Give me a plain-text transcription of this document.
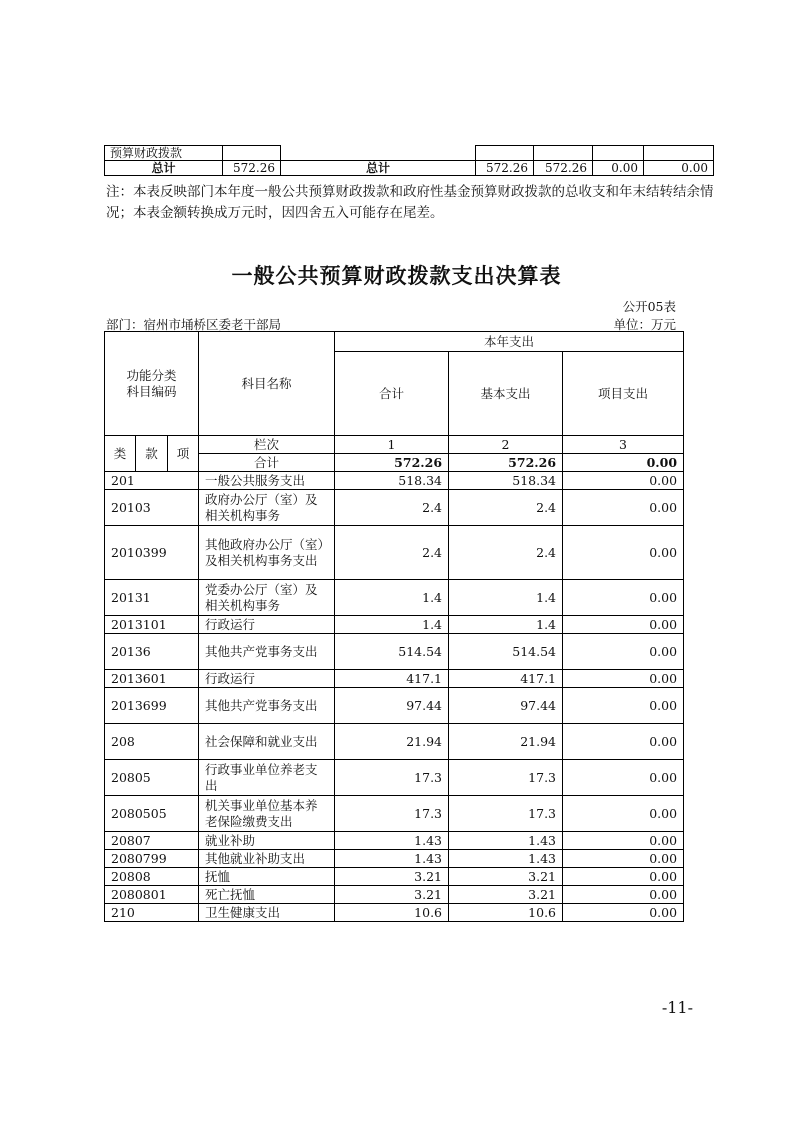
预算财政拨款						
总计	572.26	总计	572.26	572.26	0.00	0.00
注：本表反映部门本年度一般公共预算财政拨款和政府性基金预算财政拨款的总收支和年末结转结余情况；本表金额转换成万元时，因四舍五入可能存在尾差。
一般公共预算财政拨款支出决算表
公开05表
部门：宿州市埇桥区委老干部局	单位：万元
功能分类
科目编码			科目名称	本年支出		
				合计	基本支出	项目支出
类	款	项	栏次	1	2	3
			合计	572.26	572.26	0.00
201			一般公共服务支出	518.34	518.34	0.00
20103			政府办公厅（室）及相关机构事务	2.4	2.4	0.00
2010399			其他政府办公厅（室）及相关机构事务支出	2.4	2.4	0.00
20131			党委办公厅（室）及相关机构事务	1.4	1.4	0.00
2013101			行政运行	1.4	1.4	0.00
20136			其他共产党事务支出	514.54	514.54	0.00
2013601			行政运行	417.1	417.1	0.00
2013699			其他共产党事务支出	97.44	97.44	0.00
208			社会保障和就业支出	21.94	21.94	0.00
20805			行政事业单位养老支出	17.3	17.3	0.00
2080505			机关事业单位基本养老保险缴费支出	17.3	17.3	0.00
20807			就业补助	1.43	1.43	0.00
2080799			其他就业补助支出	1.43	1.43	0.00
20808			抚恤	3.21	3.21	0.00
2080801			死亡抚恤	3.21	3.21	0.00
210			卫生健康支出	10.6	10.6	0.00
-11-
